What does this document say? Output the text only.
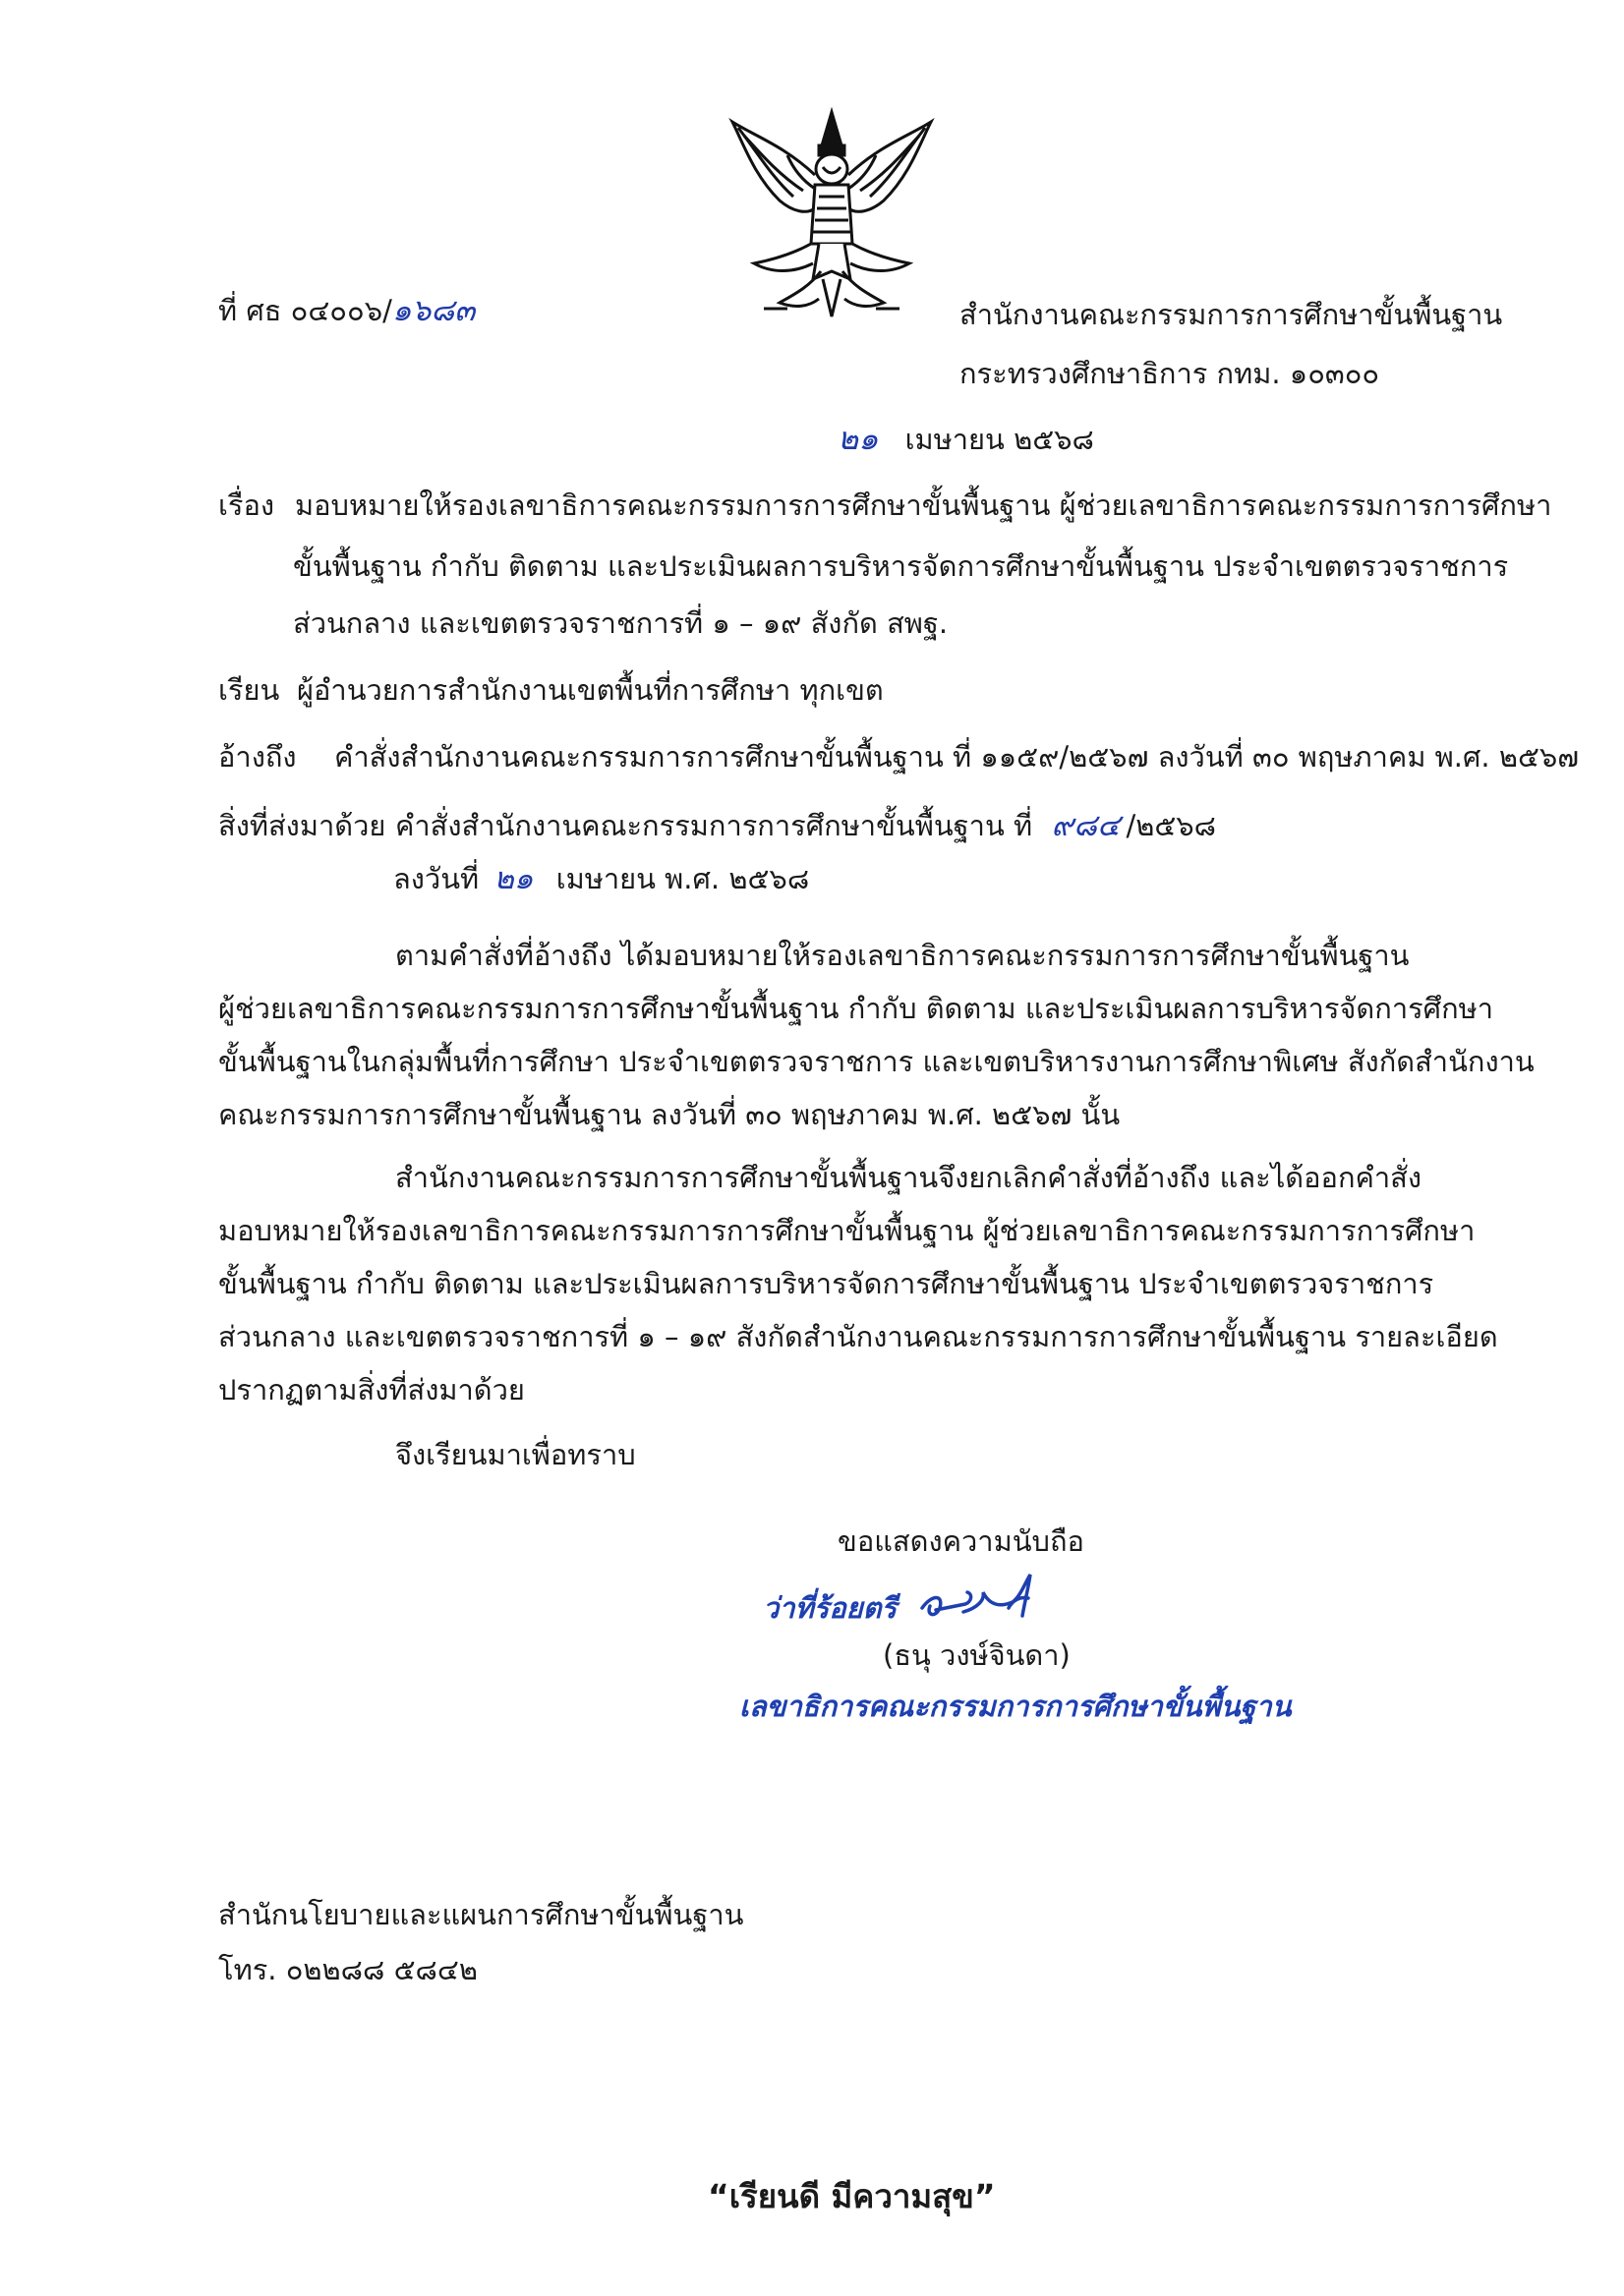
ที่ ศธ ๐๔๐๐๖/๑๖๘๓	สำนักงานคณะกรรมการการศึกษาขั้นพื้นฐาน
กระทรวงศึกษาธิการ กทม. ๑๐๓๐๐
๒๑ เมษายน ๒๕๖๘
เรื่อง มอบหมายให้รองเลขาธิการคณะกรรมการการศึกษาขั้นพื้นฐาน ผู้ช่วยเลขาธิการคณะกรรมการการศึกษา
ขั้นพื้นฐาน กำกับ ติดตาม และประเมินผลการบริหารจัดการศึกษาขั้นพื้นฐาน ประจำเขตตรวจราชการ
ส่วนกลาง และเขตตรวจราชการที่ ๑ – ๑๙ สังกัด สพฐ.
เรียน ผู้อำนวยการสำนักงานเขตพื้นที่การศึกษา ทุกเขต
อ้างถึง คำสั่งสำนักงานคณะกรรมการการศึกษาขั้นพื้นฐาน ที่ ๑๑๕๙/๒๕๖๗ ลงวันที่ ๓๐ พฤษภาคม พ.ศ. ๒๕๖๗
สิ่งที่ส่งมาด้วย คำสั่งสำนักงานคณะกรรมการการศึกษาขั้นพื้นฐาน ที่ ๙๘๔ /๒๕๖๘
ลงวันที่ ๒๑ เมษายน พ.ศ. ๒๕๖๘
ตามคำสั่งที่อ้างถึง ได้มอบหมายให้รองเลขาธิการคณะกรรมการการศึกษาขั้นพื้นฐาน
ผู้ช่วยเลขาธิการคณะกรรมการการศึกษาขั้นพื้นฐาน กำกับ ติดตาม และประเมินผลการบริหารจัดการศึกษา
ขั้นพื้นฐานในกลุ่มพื้นที่การศึกษา ประจำเขตตรวจราชการ และเขตบริหารงานการศึกษาพิเศษ สังกัดสำนักงาน
คณะกรรมการการศึกษาขั้นพื้นฐาน ลงวันที่ ๓๐ พฤษภาคม พ.ศ. ๒๕๖๗ นั้น
สำนักงานคณะกรรมการการศึกษาขั้นพื้นฐานจึงยกเลิกคำสั่งที่อ้างถึง และได้ออกคำสั่ง
มอบหมายให้รองเลขาธิการคณะกรรมการการศึกษาขั้นพื้นฐาน ผู้ช่วยเลขาธิการคณะกรรมการการศึกษา
ขั้นพื้นฐาน กำกับ ติดตาม และประเมินผลการบริหารจัดการศึกษาขั้นพื้นฐาน ประจำเขตตรวจราชการ
ส่วนกลาง และเขตตรวจราชการที่ ๑ – ๑๙ สังกัดสำนักงานคณะกรรมการการศึกษาขั้นพื้นฐาน รายละเอียด
ปรากฏตามสิ่งที่ส่งมาด้วย
จึงเรียนมาเพื่อทราบ
ขอแสดงความนับถือ
ว่าที่ร้อยตรี
(ธนุ วงษ์จินดา)
เลขาธิการคณะกรรมการการศึกษาขั้นพื้นฐาน
สำนักนโยบายและแผนการศึกษาขั้นพื้นฐาน
โทร. ๐๒๒๘๘ ๕๘๔๒
“เรียนดี มีความสุข”
